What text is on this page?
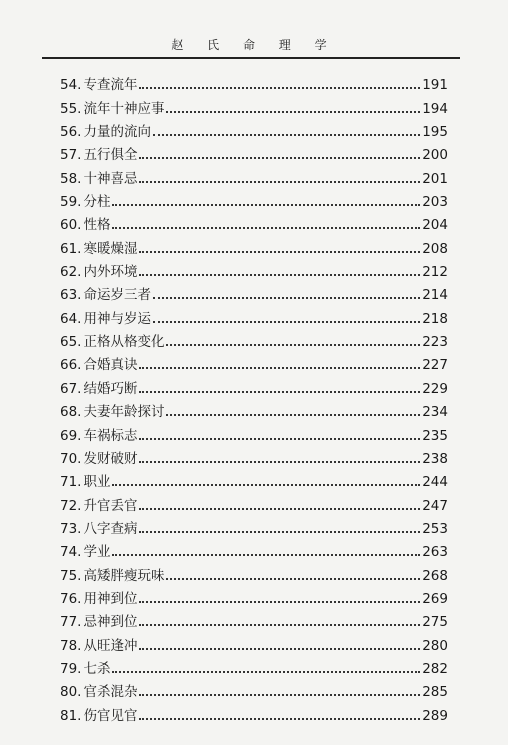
赵 氏 命 理 学
54. 专查流年	191
55. 流年十神应事	194
56. 力量的流向	195
57. 五行俱全	200
58. 十神喜忌	201
59. 分柱	203
60. 性格	204
61. 寒暖燥湿	208
62. 内外环境	212
63. 命运岁三者	214
64. 用神与岁运	218
65. 正格从格变化	223
66. 合婚真诀	227
67. 结婚巧断	229
68. 夫妻年龄探讨	234
69. 车祸标志	235
70. 发财破财	238
71. 职业	244
72. 升官丢官	247
73. 八字查病	253
74. 学业	263
75. 高矮胖瘦玩味	268
76. 用神到位	269
77. 忌神到位	275
78. 从旺逢冲	280
79. 七杀	282
80. 官杀混杂	285
81. 伤官见官	289
